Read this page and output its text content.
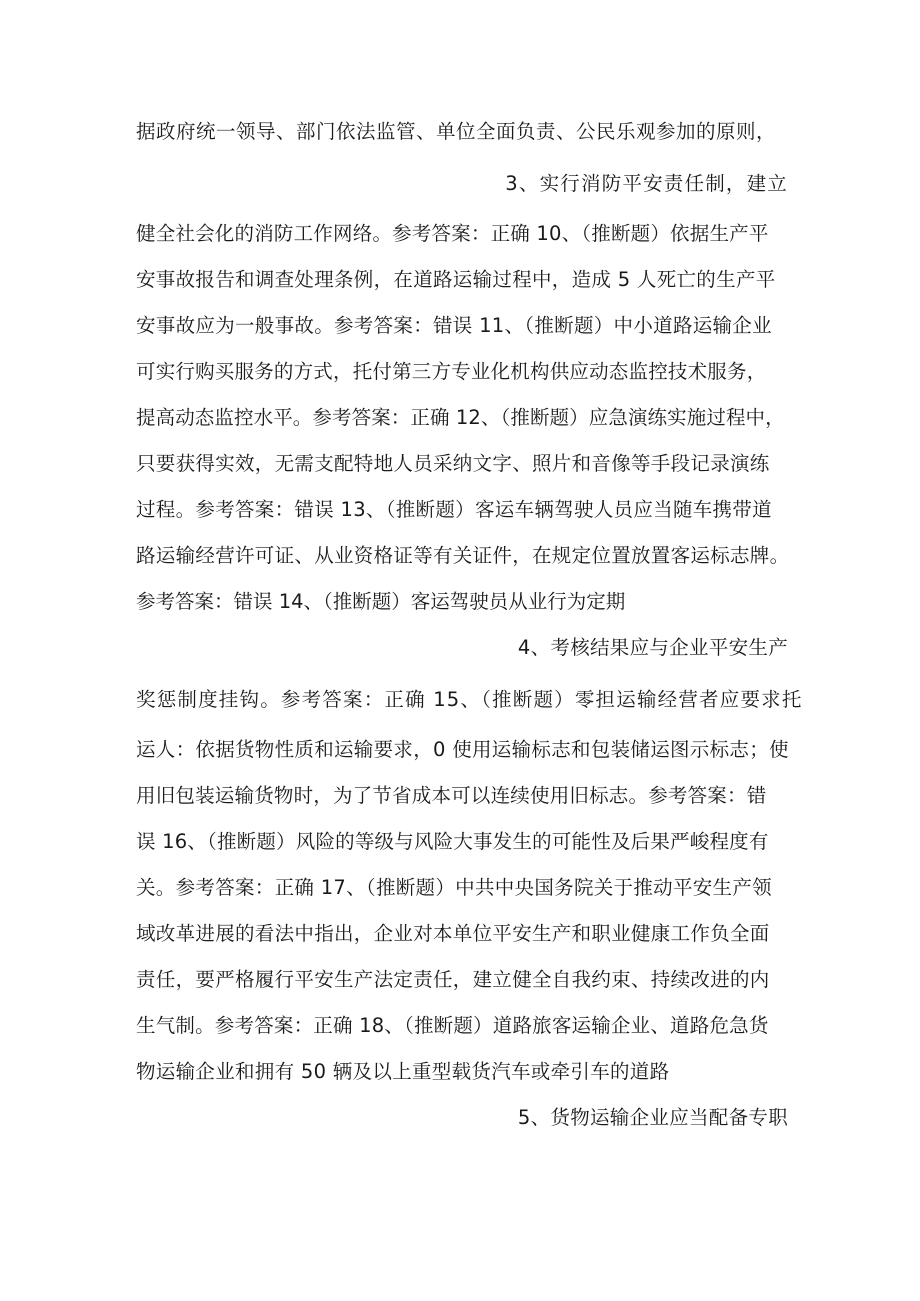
据政府统一领导、部门依法监管、单位全面负责、公民乐观参加的原则，
3、实行消防平安责任制，建立
健全社会化的消防工作网络。参考答案：正确 10、（推断题）依据生产平
安事故报告和调查处理条例，在道路运输过程中，造成 5 人死亡的生产平
安事故应为一般事故。参考答案：错误 11、（推断题）中小道路运输企业
可实行购买服务的方式，托付第三方专业化机构供应动态监控技术服务，
提高动态监控水平。参考答案：正确 12、（推断题）应急演练实施过程中，
只要获得实效，无需支配特地人员采纳文字、照片和音像等手段记录演练
过程。参考答案：错误 13、（推断题）客运车辆驾驶人员应当随车携带道
路运输经营许可证、从业资格证等有关证件，在规定位置放置客运标志牌。
参考答案：错误 14、（推断题）客运驾驶员从业行为定期
4、考核结果应与企业平安生产
奖惩制度挂钩。参考答案：正确 15、（推断题）零担运输经营者应要求托
运人：依据货物性质和运输要求，0 使用运输标志和包装储运图示标志；使
用旧包装运输货物时，为了节省成本可以连续使用旧标志。参考答案：错
误 16、（推断题）风险的等级与风险大事发生的可能性及后果严峻程度有
关。参考答案：正确 17、（推断题）中共中央国务院关于推动平安生产领
域改革进展的看法中指出，企业对本单位平安生产和职业健康工作负全面
责任，要严格履行平安生产法定责任，建立健全自我约束、持续改进的内
生气制。参考答案：正确 18、（推断题）道路旅客运输企业、道路危急货
物运输企业和拥有 50 辆及以上重型载货汽车或牵引车的道路
5、货物运输企业应当配备专职
